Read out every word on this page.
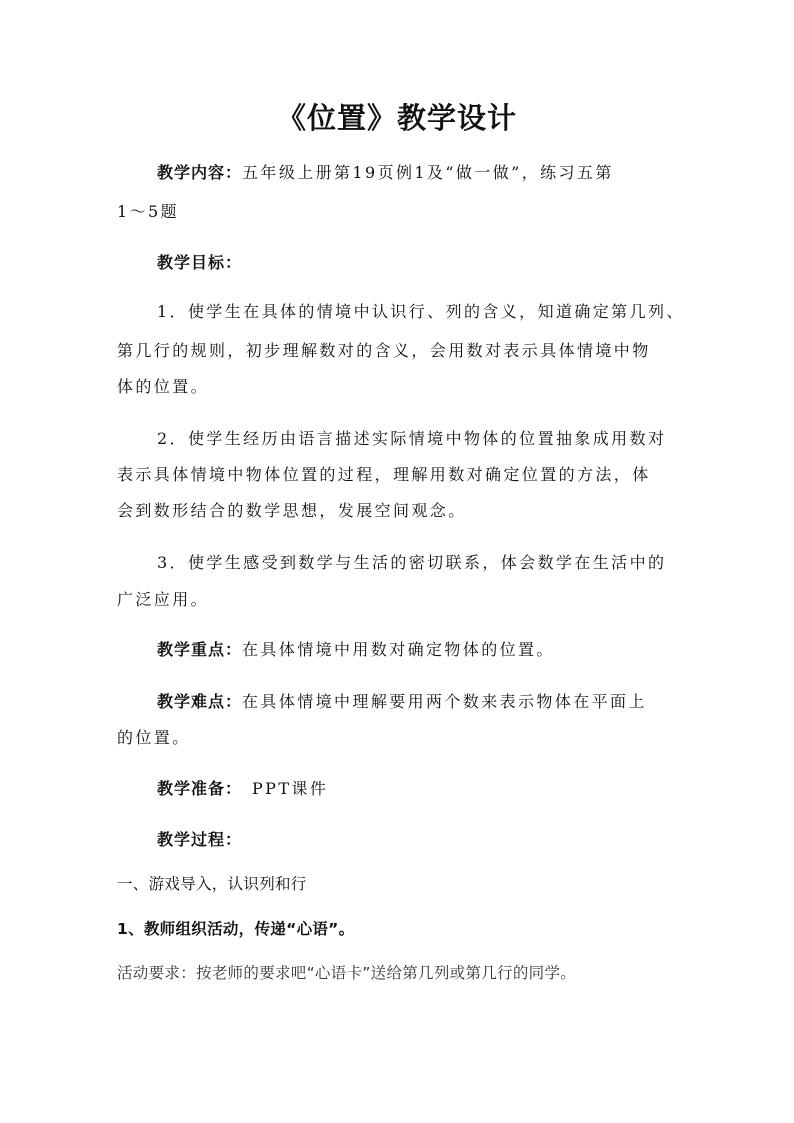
《位置》教学设计
教学内容：五年级上册第19页例1及“做一做”，练习五第
1～5题
教学目标：
1．使学生在具体的情境中认识行、列的含义，知道确定第几列、
第几行的规则，初步理解数对的含义，会用数对表示具体情境中物
体的位置。
2．使学生经历由语言描述实际情境中物体的位置抽象成用数对
表示具体情境中物体位置的过程，理解用数对确定位置的方法，体
会到数形结合的数学思想，发展空间观念。
3．使学生感受到数学与生活的密切联系，体会数学在生活中的
广泛应用。
教学重点：在具体情境中用数对确定物体的位置。
教学难点：在具体情境中理解要用两个数来表示物体在平面上
的位置。
教学准备： PPT课件
教学过程：
一、游戏导入，认识列和行
1、教师组织活动，传递“心语”。
活动要求：按老师的要求吧“心语卡”送给第几列或第几行的同学。
